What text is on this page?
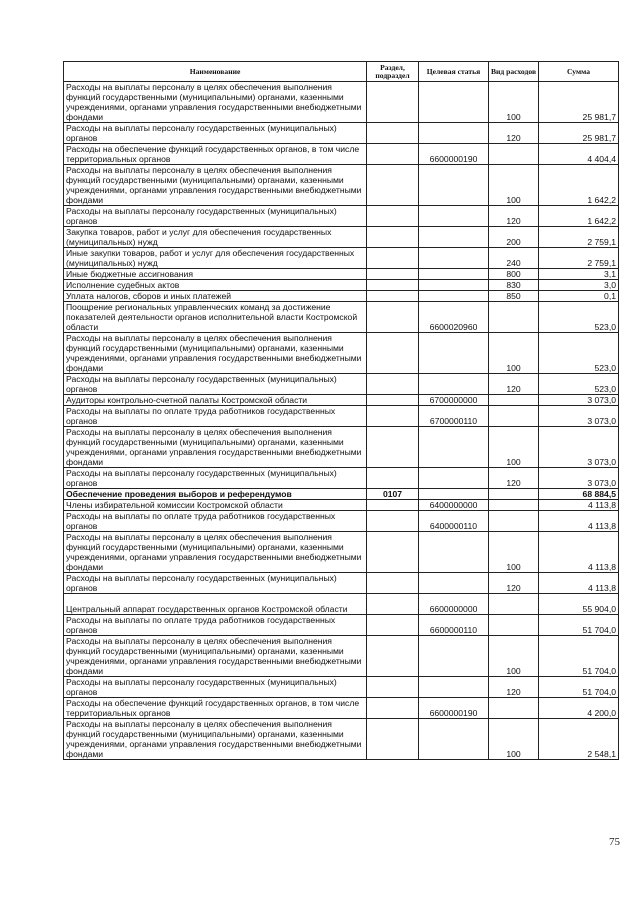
Наименование	Раздел, подраздел	Целевая статья	Вид расходов	Сумма
Расходы на выплаты персоналу в целях обеспечения выполнения функций государственными (муниципальными) органами, казенными учреждениями, органами управления государственными внебюджетными фондами			100	25 981,7
Расходы на выплаты персоналу государственных (муниципальных) органов			120	25 981,7
Расходы на обеспечение функций государственных органов, в том числе территориальных органов		6600000190		4 404,4
Расходы на выплаты персоналу в целях обеспечения выполнения функций государственными (муниципальными) органами, казенными учреждениями, органами управления государственными внебюджетными фондами			100	1 642,2
Расходы на выплаты персоналу государственных (муниципальных) органов			120	1 642,2
Закупка товаров, работ и услуг для обеспечения государственных (муниципальных) нужд			200	2 759,1
Иные закупки товаров, работ и услуг для обеспечения государственных (муниципальных) нужд			240	2 759,1
Иные бюджетные ассигнования			800	3,1
Исполнение судебных актов			830	3,0
Уплата налогов, сборов и иных платежей			850	0,1
Поощрение региональных управленческих команд за достижение показателей деятельности органов исполнительной власти Костромской области		6600020960		523,0
Расходы на выплаты персоналу в целях обеспечения выполнения функций государственными (муниципальными) органами, казенными учреждениями, органами управления государственными внебюджетными фондами			100	523,0
Расходы на выплаты персоналу государственных (муниципальных) органов			120	523,0
Аудиторы контрольно-счетной палаты Костромской области		6700000000		3 073,0
Расходы на выплаты по оплате труда работников государственных органов		6700000110		3 073,0
Расходы на выплаты персоналу в целях обеспечения выполнения функций государственными (муниципальными) органами, казенными учреждениями, органами управления государственными внебюджетными фондами			100	3 073,0
Расходы на выплаты персоналу государственных (муниципальных) органов			120	3 073,0
Обеспечение проведения выборов и референдумов	0107			68 884,5
Члены избирательной комиссии Костромской области		6400000000		4 113,8
Расходы на выплаты по оплате труда работников государственных органов		6400000110		4 113,8
Расходы на выплаты персоналу в целях обеспечения выполнения функций государственными (муниципальными) органами, казенными учреждениями, органами управления государственными внебюджетными фондами			100	4 113,8
Расходы на выплаты персоналу государственных (муниципальных) органов			120	4 113,8
Центральный аппарат государственных органов Костромской области		6600000000		55 904,0
Расходы на выплаты по оплате труда работников государственных органов		6600000110		51 704,0
Расходы на выплаты персоналу в целях обеспечения выполнения функций государственными (муниципальными) органами, казенными учреждениями, органами управления государственными внебюджетными фондами			100	51 704,0
Расходы на выплаты персоналу государственных (муниципальных) органов			120	51 704,0
Расходы на обеспечение функций государственных органов, в том числе территориальных органов		6600000190		4 200,0
Расходы на выплаты персоналу в целях обеспечения выполнения функций государственными (муниципальными) органами, казенными учреждениями, органами управления государственными внебюджетными фондами			100	2 548,1
75
